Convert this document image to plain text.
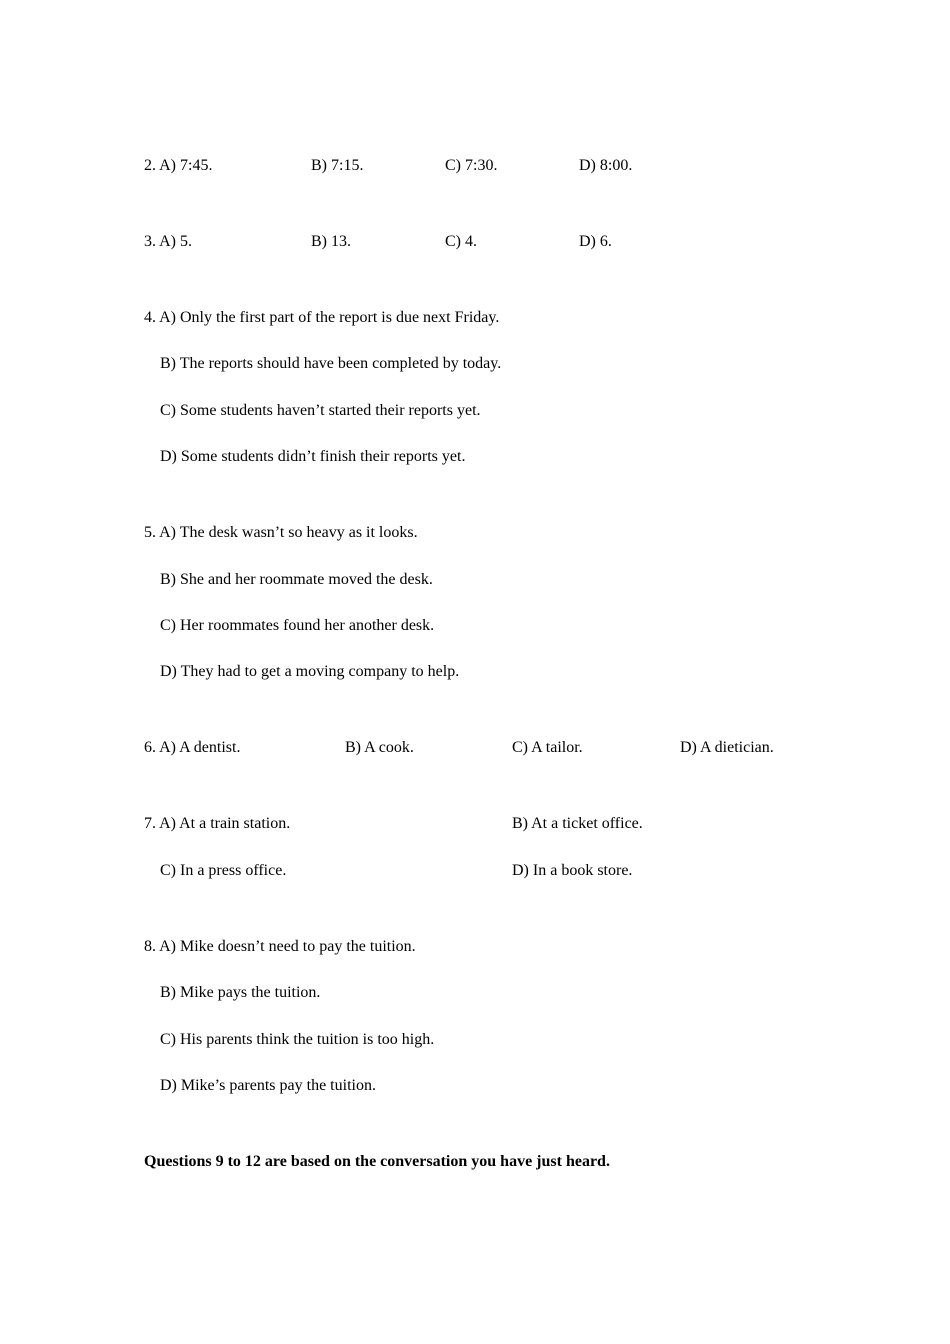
2. A) 7:45.	B) 7:15.	C) 7:30.	D) 8:00.
3. A) 5.	B) 13.	C) 4.	D) 6.
4. A) Only the first part of the report is due next Friday.
B) The reports should have been completed by today.
C) Some students haven’t started their reports yet.
D) Some students didn’t finish their reports yet.
5. A) The desk wasn’t so heavy as it looks.
B) She and her roommate moved the desk.
C) Her roommates found her another desk.
D) They had to get a moving company to help.
6. A) A dentist.	B) A cook.	C) A tailor.	D) A dietician.
7. A) At a train station.	B) At a ticket office.
C) In a press office.	D) In a book store.
8. A) Mike doesn’t need to pay the tuition.
B) Mike pays the tuition.
C) His parents think the tuition is too high.
D) Mike’s parents pay the tuition.
Questions 9 to 12 are based on the conversation you have just heard.
